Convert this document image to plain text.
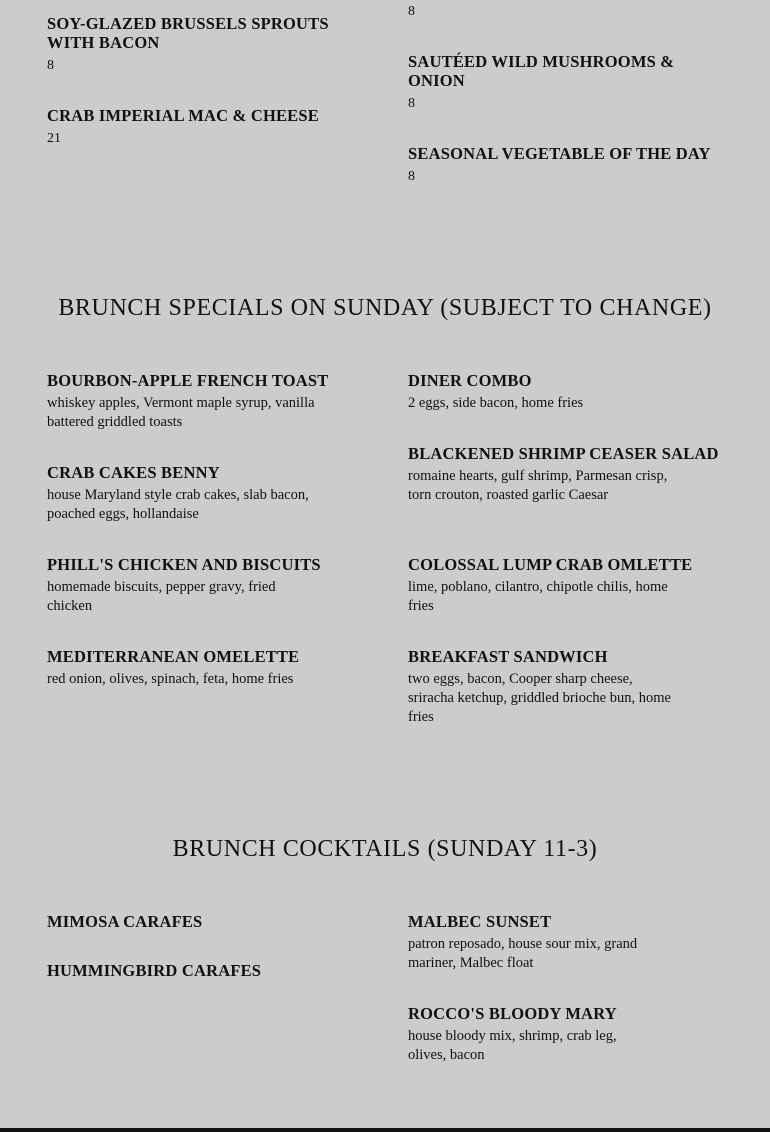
8
SOY-GLAZED BRUSSELS SPROUTS WITH BACON
8
CRAB IMPERIAL MAC & CHEESE
21
SAUTÉED WILD MUSHROOMS & ONION
8
SEASONAL VEGETABLE OF THE DAY
8
BRUNCH SPECIALS ON SUNDAY (SUBJECT TO CHANGE)
BOURBON-APPLE FRENCH TOAST
whiskey apples, Vermont maple syrup, vanilla battered griddled toasts
CRAB CAKES BENNY
house Maryland style crab cakes, slab bacon, poached eggs, hollandaise
PHILL'S CHICKEN AND BISCUITS
homemade biscuits, pepper gravy, fried chicken
MEDITERRANEAN OMELETTE
red onion, olives, spinach, feta, home fries
DINER COMBO
2 eggs, side bacon, home fries
BLACKENED SHRIMP CEASER SALAD
romaine hearts, gulf shrimp, Parmesan crisp, torn crouton, roasted garlic Caesar
COLOSSAL LUMP CRAB OMLETTE
lime, poblano, cilantro, chipotle chilis, home fries
BREAKFAST SANDWICH
two eggs, bacon, Cooper sharp cheese, sriracha ketchup, griddled brioche bun, home fries
BRUNCH COCKTAILS (SUNDAY 11-3)
MIMOSA CARAFES
HUMMINGBIRD CARAFES
MALBEC SUNSET
patron reposado, house sour mix, grand mariner, Malbec float
ROCCO'S BLOODY MARY
house bloody mix, shrimp, crab leg, olives, bacon
